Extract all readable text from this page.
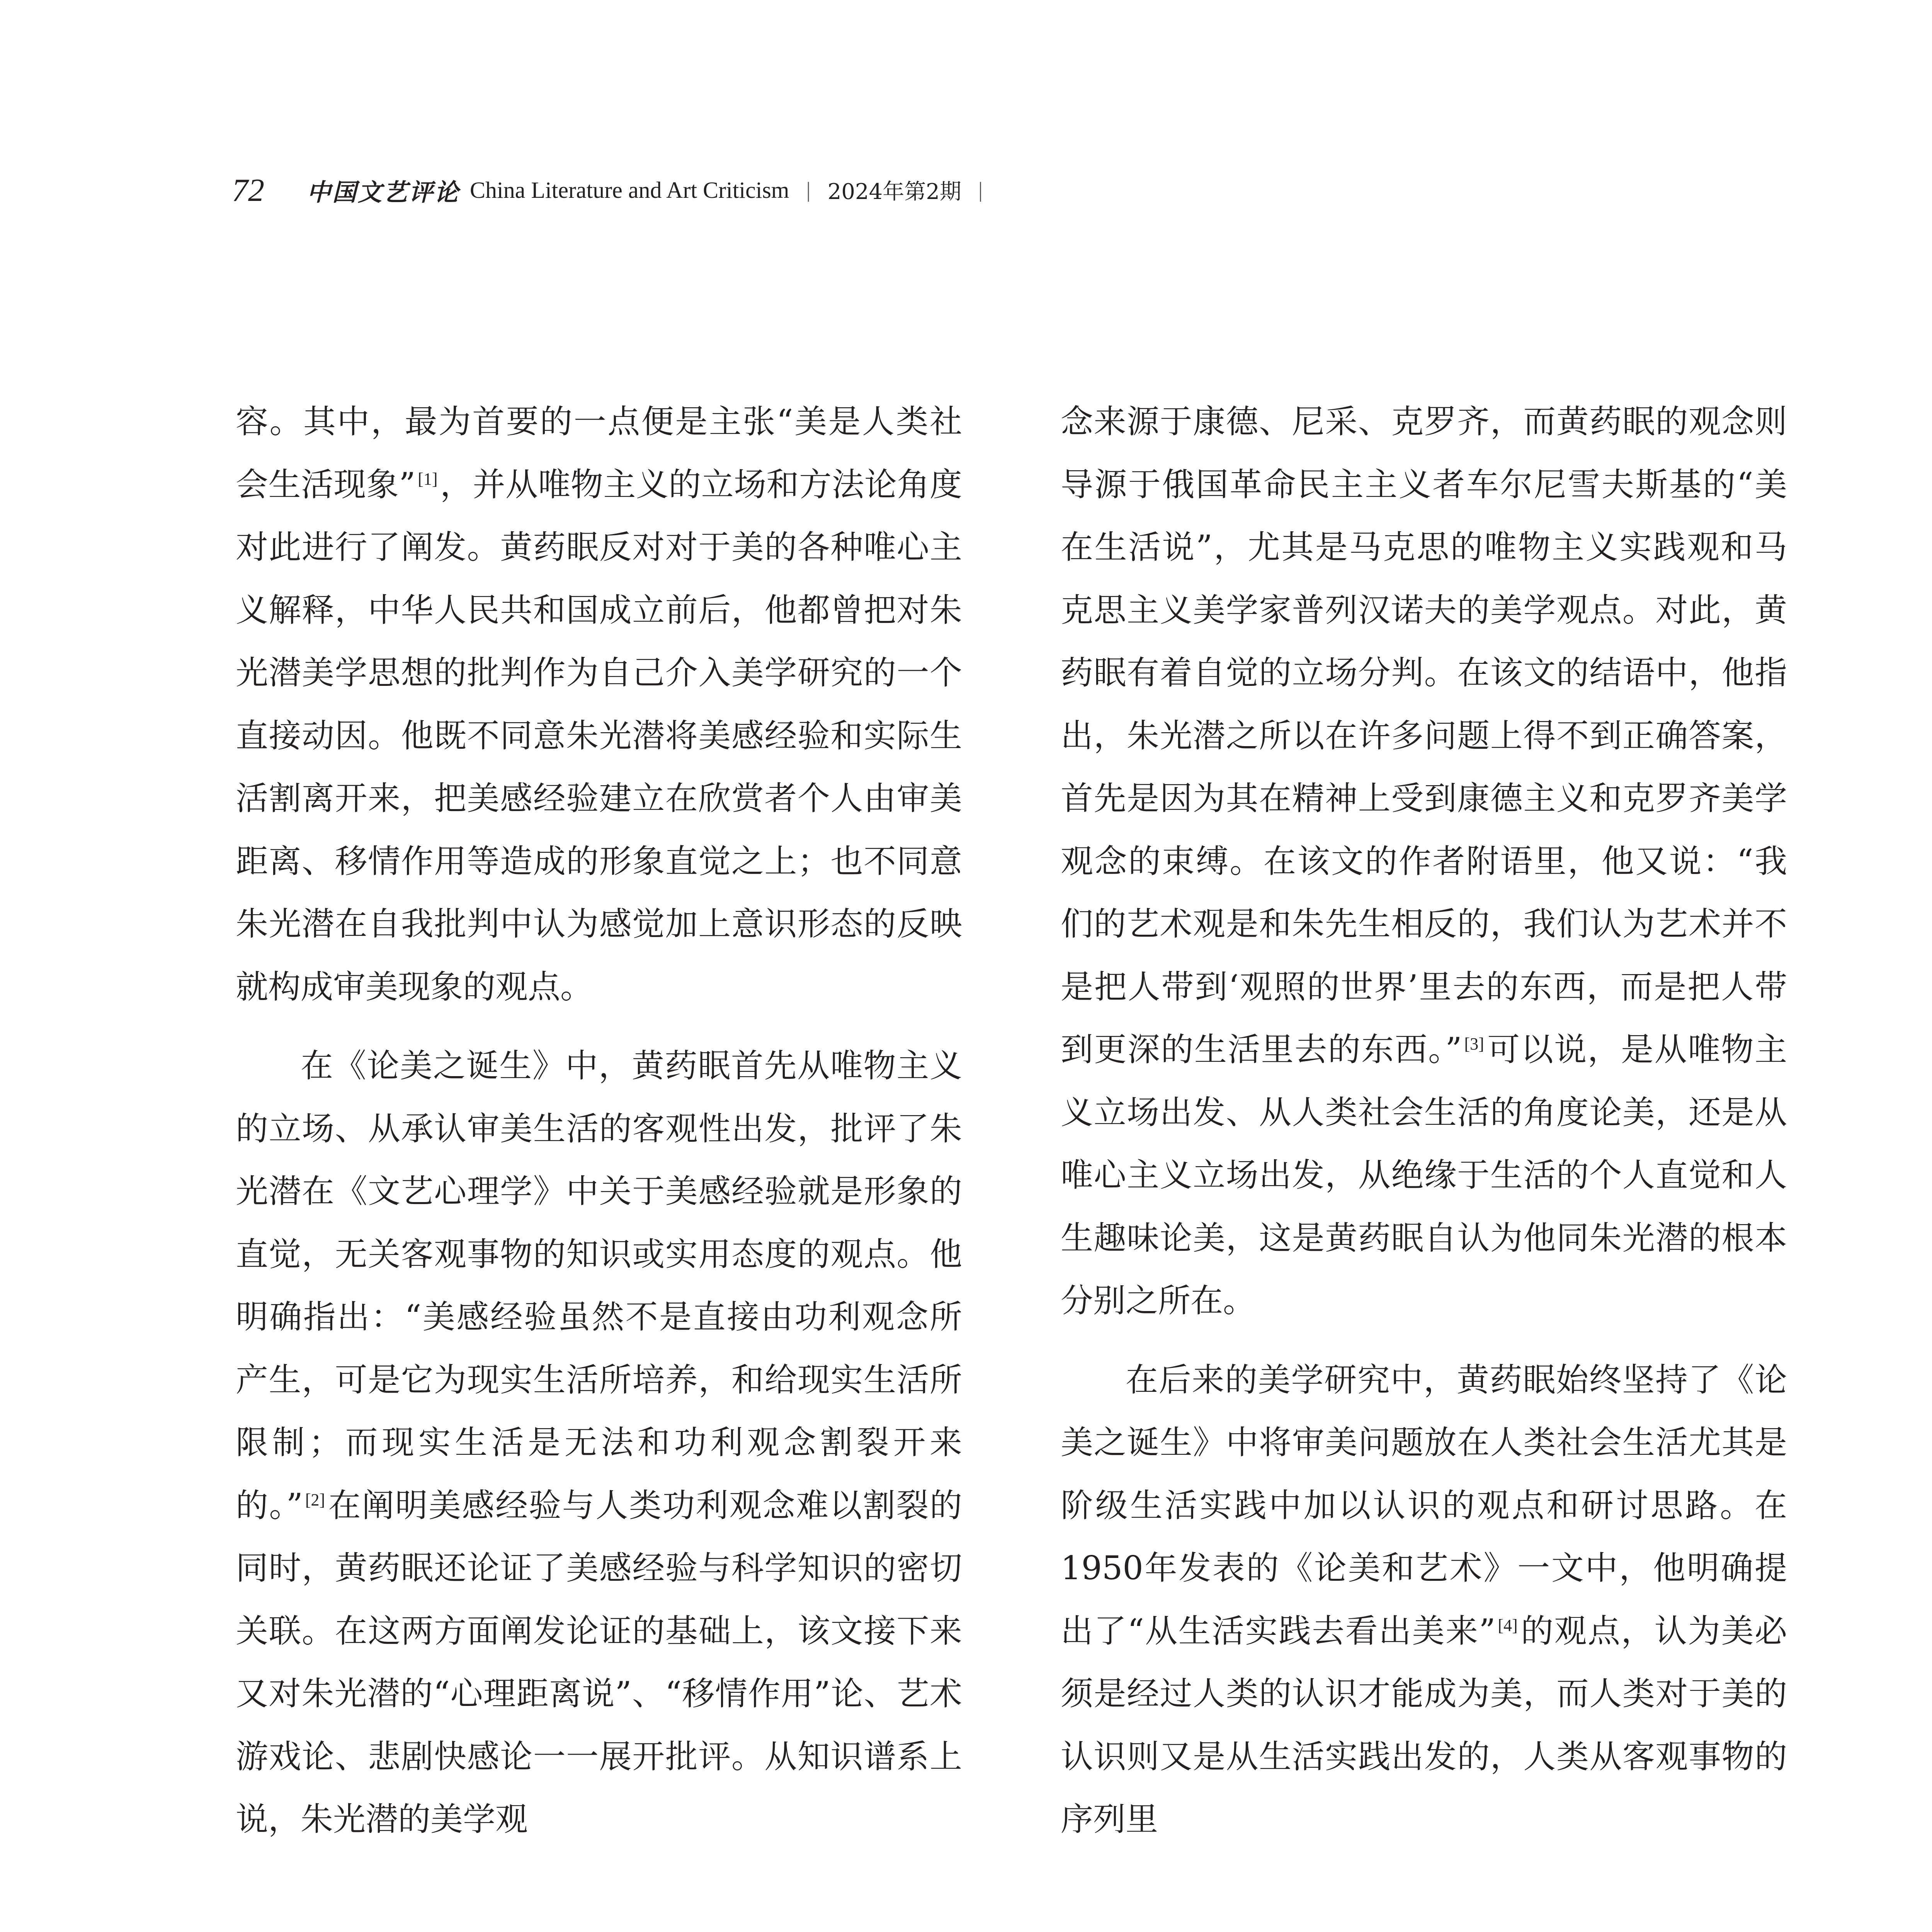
72 中国文艺评论 China Literature and Art Criticism | 2024年第2期 |

容。其中，最为首要的一点便是主张“美是人类社会生活现象” [1]，并从唯物主义的立场和方法论角度对此进行了阐发。黄药眠反对对于美的各种唯心主义解释，中华人民共和国成立前后，他都曾把对朱光潜美学思想的批判作为自己介入美学研究的一个直接动因。他既不同意朱光潜将美感经验和实际生活割离开来，把美感经验建立在欣赏者个人由审美距离、移情作用等造成的形象直觉之上；也不同意朱光潜在自我批判中认为感觉加上意识形态的反映就构成审美现象的观点。

在《论美之诞生》中，黄药眠首先从唯物主义的立场、从承认审美生活的客观性出发，批评了朱光潜在《文艺心理学》中关于美感经验就是形象的直觉，无关客观事物的知识或实用态度的观点。他明确指出：“美感经验虽然不是直接由功利观念所产生，可是它为现实生活所培养，和给现实生活所限制；而现实生活是无法和功利观念割裂开来的。” [2]在阐明美感经验与人类功利观念难以割裂的同时，黄药眠还论证了美感经验与科学知识的密切关联。在这两方面阐发论证的基础上，该文接下来又对朱光潜的“心理距离说”、“移情作用”论、艺术游戏论、悲剧快感论一一展开批评。从知识谱系上说，朱光潜的美学观

念来源于康德、尼采、克罗齐，而黄药眠的观念则导源于俄国革命民主主义者车尔尼雪夫斯基的“美在生活说”，尤其是马克思的唯物主义实践观和马克思主义美学家普列汉诺夫的美学观点。对此，黄药眠有着自觉的立场分判。在该文的结语中，他指出，朱光潜之所以在许多问题上得不到正确答案，首先是因为其在精神上受到康德主义和克罗齐美学观念的束缚。在该文的作者附语里，他又说：“我们的艺术观是和朱先生相反的，我们认为艺术并不是把人带到‘观照的世界’里去的东西，而是把人带到更深的生活里去的东西。” [3]可以说，是从唯物主义立场出发、从人类社会生活的角度论美，还是从唯心主义立场出发，从绝缘于生活的个人直觉和人生趣味论美，这是黄药眠自认为他同朱光潜的根本分别之所在。

在后来的美学研究中，黄药眠始终坚持了《论美之诞生》中将审美问题放在人类社会生活尤其是阶级生活实践中加以认识的观点和研讨思路。在1950年发表的《论美和艺术》一文中，他明确提出了“从生活实践去看出美来” [4]的观点，认为美必须是经过人类的认识才能成为美，而人类对于美的认识则又是从生活实践出发的，人类从客观事物的序列里
